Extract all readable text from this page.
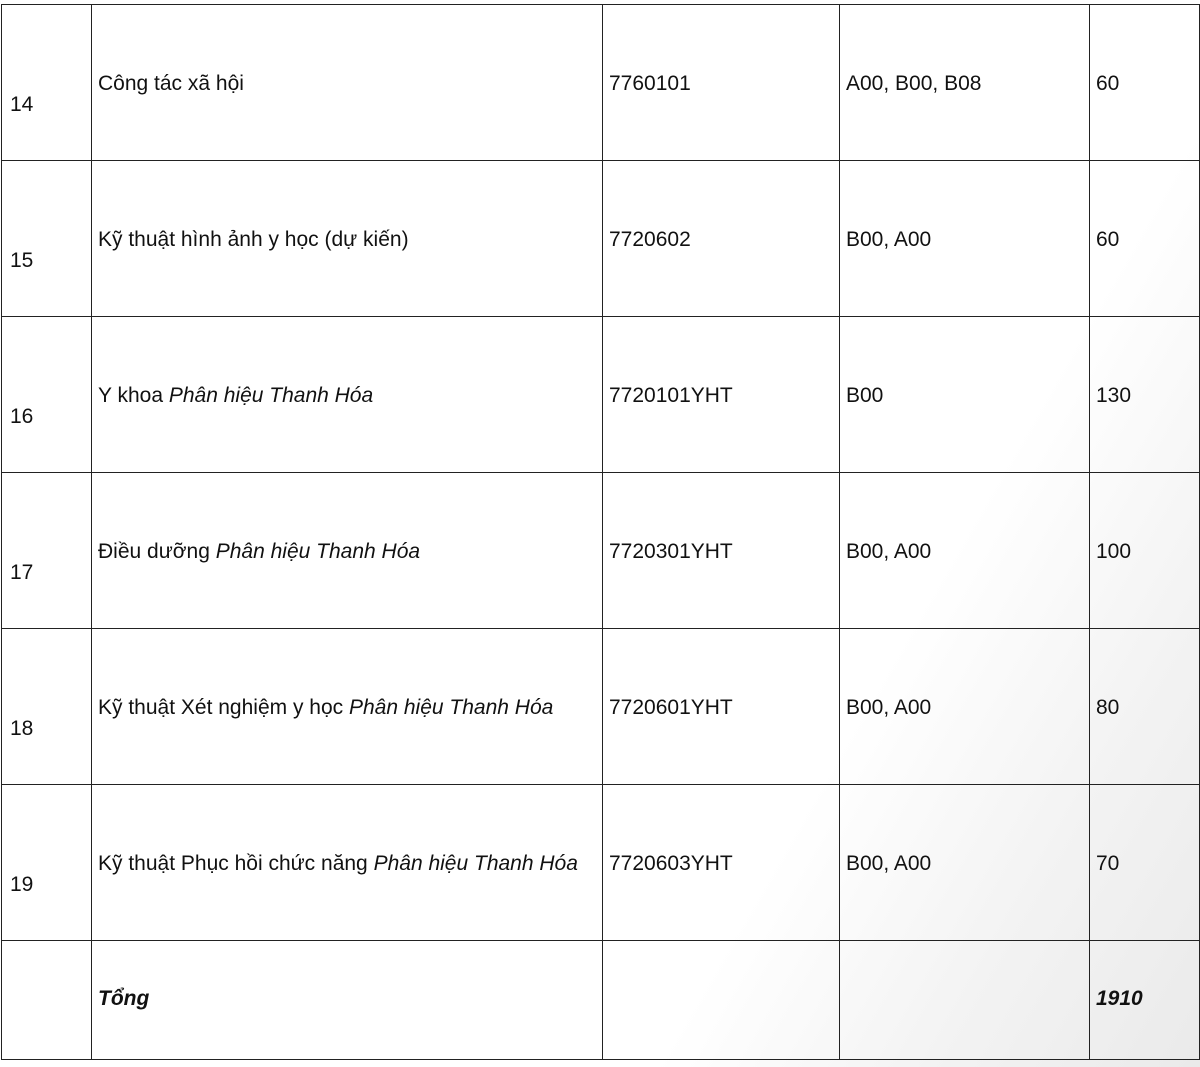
14	Công tác xã hội	7760101	A00, B00, B08	60

15	Kỹ thuật hình ảnh y học (dự kiến)	7720602	B00, A00	60

16	Y khoa Phân hiệu Thanh Hóa	7720101YHT	B00	130

17	Điều dưỡng Phân hiệu Thanh Hóa	7720301YHT	B00, A00	100

18	Kỹ thuật Xét nghiệm y học Phân hiệu Thanh Hóa	7720601YHT	B00, A00	80

19	Kỹ thuật Phục hồi chức năng Phân hiệu Thanh Hóa	7720603YHT	B00, A00	70

	Tổng			1910
